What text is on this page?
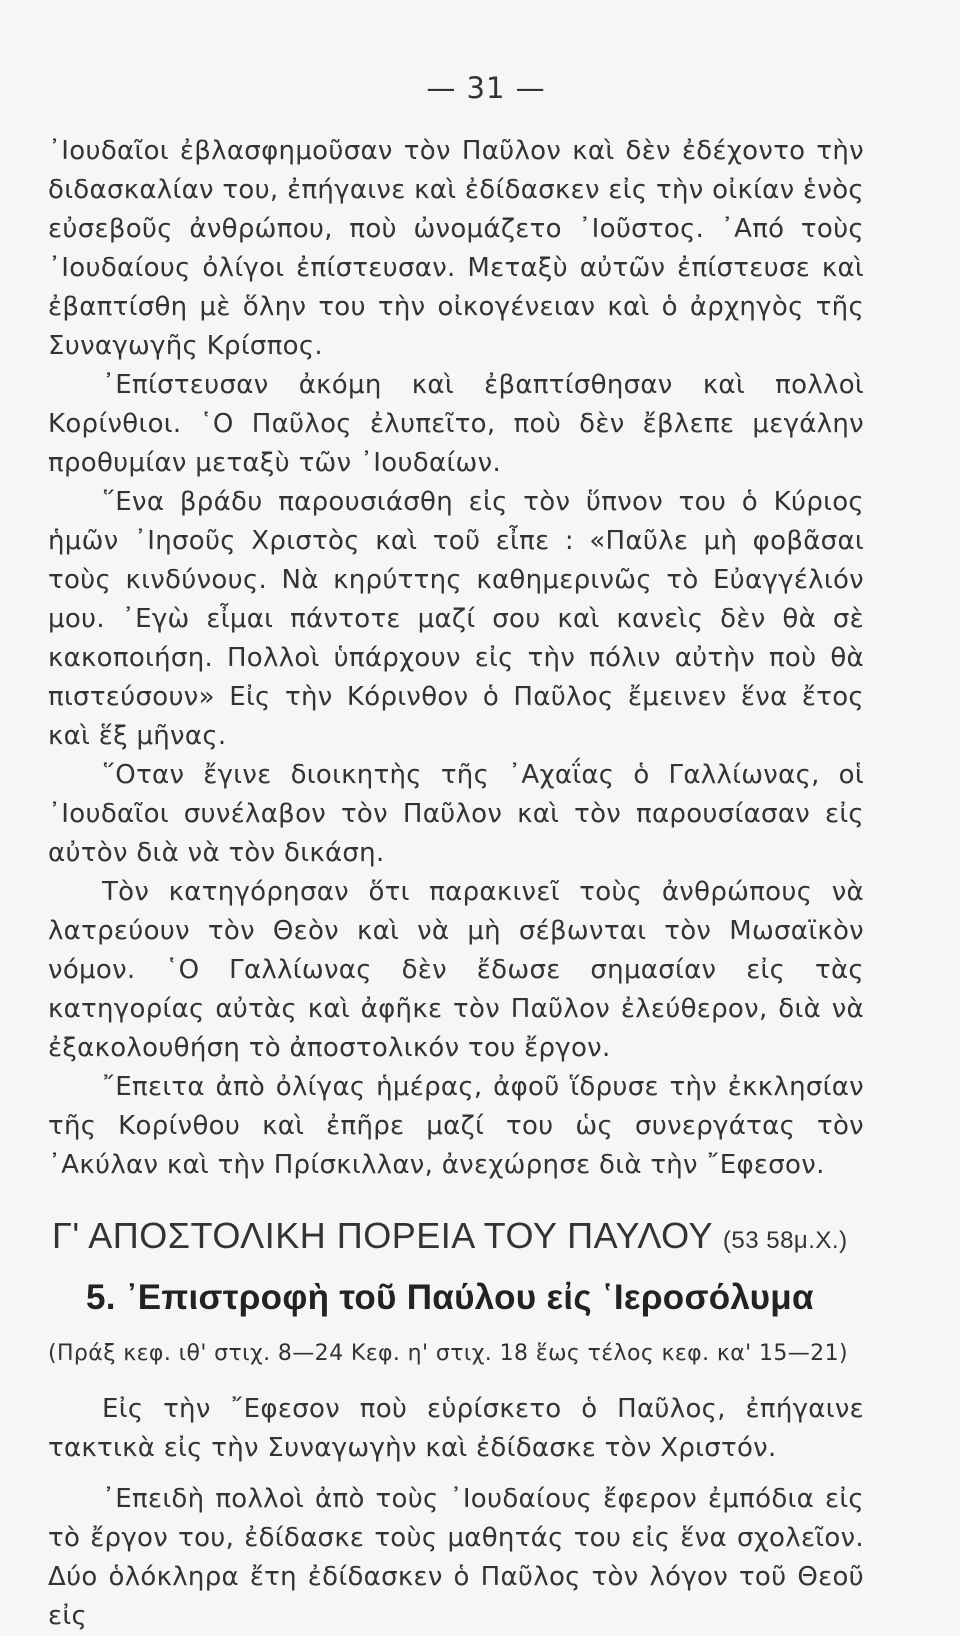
— 31 —

᾿Ιουδαῖοι ἐβλασφημοῦσαν τὸν Παῦλον καὶ δὲν ἐδέχοντο τὴν διδασκαλίαν του, ἐπήγαινε καὶ ἐδίδασκεν εἰς τὴν οἰκίαν ἑνὸς εὐσεβοῦς ἀνθρώπου, ποὺ ὠνομάζετο ᾿Ιοῦστος. ᾿Από τοὺς ᾿Ιουδαίους ὀλίγοι ἐπίστευσαν. Μεταξὺ αὐτῶν ἐπίστευσε καὶ ἐβαπτίσθη μὲ ὅλην του τὴν οἰκογένειαν καὶ ὁ ἀρχηγὸς τῆς Συναγωγῆς Κρίσπος.

᾿Επίστευσαν ἀκόμη καὶ ἐβαπτίσθησαν καὶ πολλοὶ Κορίνθιοι. ῾Ο Παῦλος ἐλυπεῖτο, ποὺ δὲν ἔβλεπε μεγάλην προθυμίαν μεταξὺ τῶν ᾿Ιουδαίων.

῞Ενα βράδυ παρουσιάσθη εἰς τὸν ὕπνον του ὁ Κύριος ἡμῶν ᾿Ιησοῦς Χριστὸς καὶ τοῦ εἶπε : «Παῦλε μὴ φοβᾶσαι τοὺς κινδύνους. Νὰ κηρύττης καθημερινῶς τὸ Εὐαγγέλιόν μου. ᾿Εγὼ εἶμαι πάντοτε μαζί σου καὶ κανεὶς δὲν θὰ σὲ κακοποιήση. Πολλοὶ ὑπάρχουν εἰς τὴν πόλιν αὐτὴν ποὺ θὰ πιστεύσουν» Εἰς τὴν Κόρινθον ὁ Παῦλος ἔμεινεν ἕνα ἔτος καὶ ἕξ μῆνας.

῞Οταν ἔγινε διοικητὴς τῆς ᾿Αχαΐας ὁ Γαλλίωνας, οἱ ᾿Ιουδαῖοι συνέλαβον τὸν Παῦλον καὶ τὸν παρουσίασαν εἰς αὐτὸν διὰ νὰ τὸν δικάση.

Τὸν κατηγόρησαν ὅτι παρακινεῖ τοὺς ἀνθρώπους νὰ λατρεύουν τὸν Θεὸν καὶ νὰ μὴ σέβωνται τὸν Μωσαϊκὸν νόμον. ῾Ο Γαλλίωνας δὲν ἔδωσε σημασίαν εἰς τὰς κατηγορίας αὐτὰς καὶ ἀφῆκε τὸν Παῦλον ἐλεύθερον, διὰ νὰ ἐξακολουθήση τὸ ἀποστολικόν του ἔργον.

῎Επειτα ἀπὸ ὀλίγας ἡμέρας, ἀφοῦ ἵδρυσε τὴν ἐκκλησίαν τῆς Κορίνθου καὶ ἐπῆρε μαζί του ὡς συνεργάτας τὸν ᾿Ακύλαν καὶ τὴν Πρίσκιλλαν, ἀνεχώρησε διὰ τὴν ῎Εφεσον.

Γ' ΑΠΟΣΤΟΛΙΚΗ ΠΟΡΕΙΑ ΤΟΥ ΠΑΥΛΟΥ (53 58μ.Χ.)
5. ᾿Επιστροφὴ τοῦ Παύλου εἰς ῾Ιεροσόλυμα
(Πράξ κεφ. ιθ' στιχ. 8—24 Κεφ. η' στιχ. 18 ἕως τέλος κεφ. κα' 15—21)

Εἰς τὴν ῎Εφεσον ποὺ εὑρίσκετο ὁ Παῦλος, ἐπήγαινε τακτικὰ εἰς τὴν Συναγωγὴν καὶ ἐδίδασκε τὸν Χριστόν.

᾿Επειδὴ πολλοὶ ἀπὸ τοὺς ᾿Ιουδαίους ἔφερον ἐμπόδια εἰς τὸ ἔργον του, ἐδίδασκε τοὺς μαθητάς του εἰς ἕνα σχολεῖον. Δύο ὁλόκληρα ἔτη ἐδίδασκεν ὁ Παῦλος τὸν λόγον τοῦ Θεοῦ εἰς
